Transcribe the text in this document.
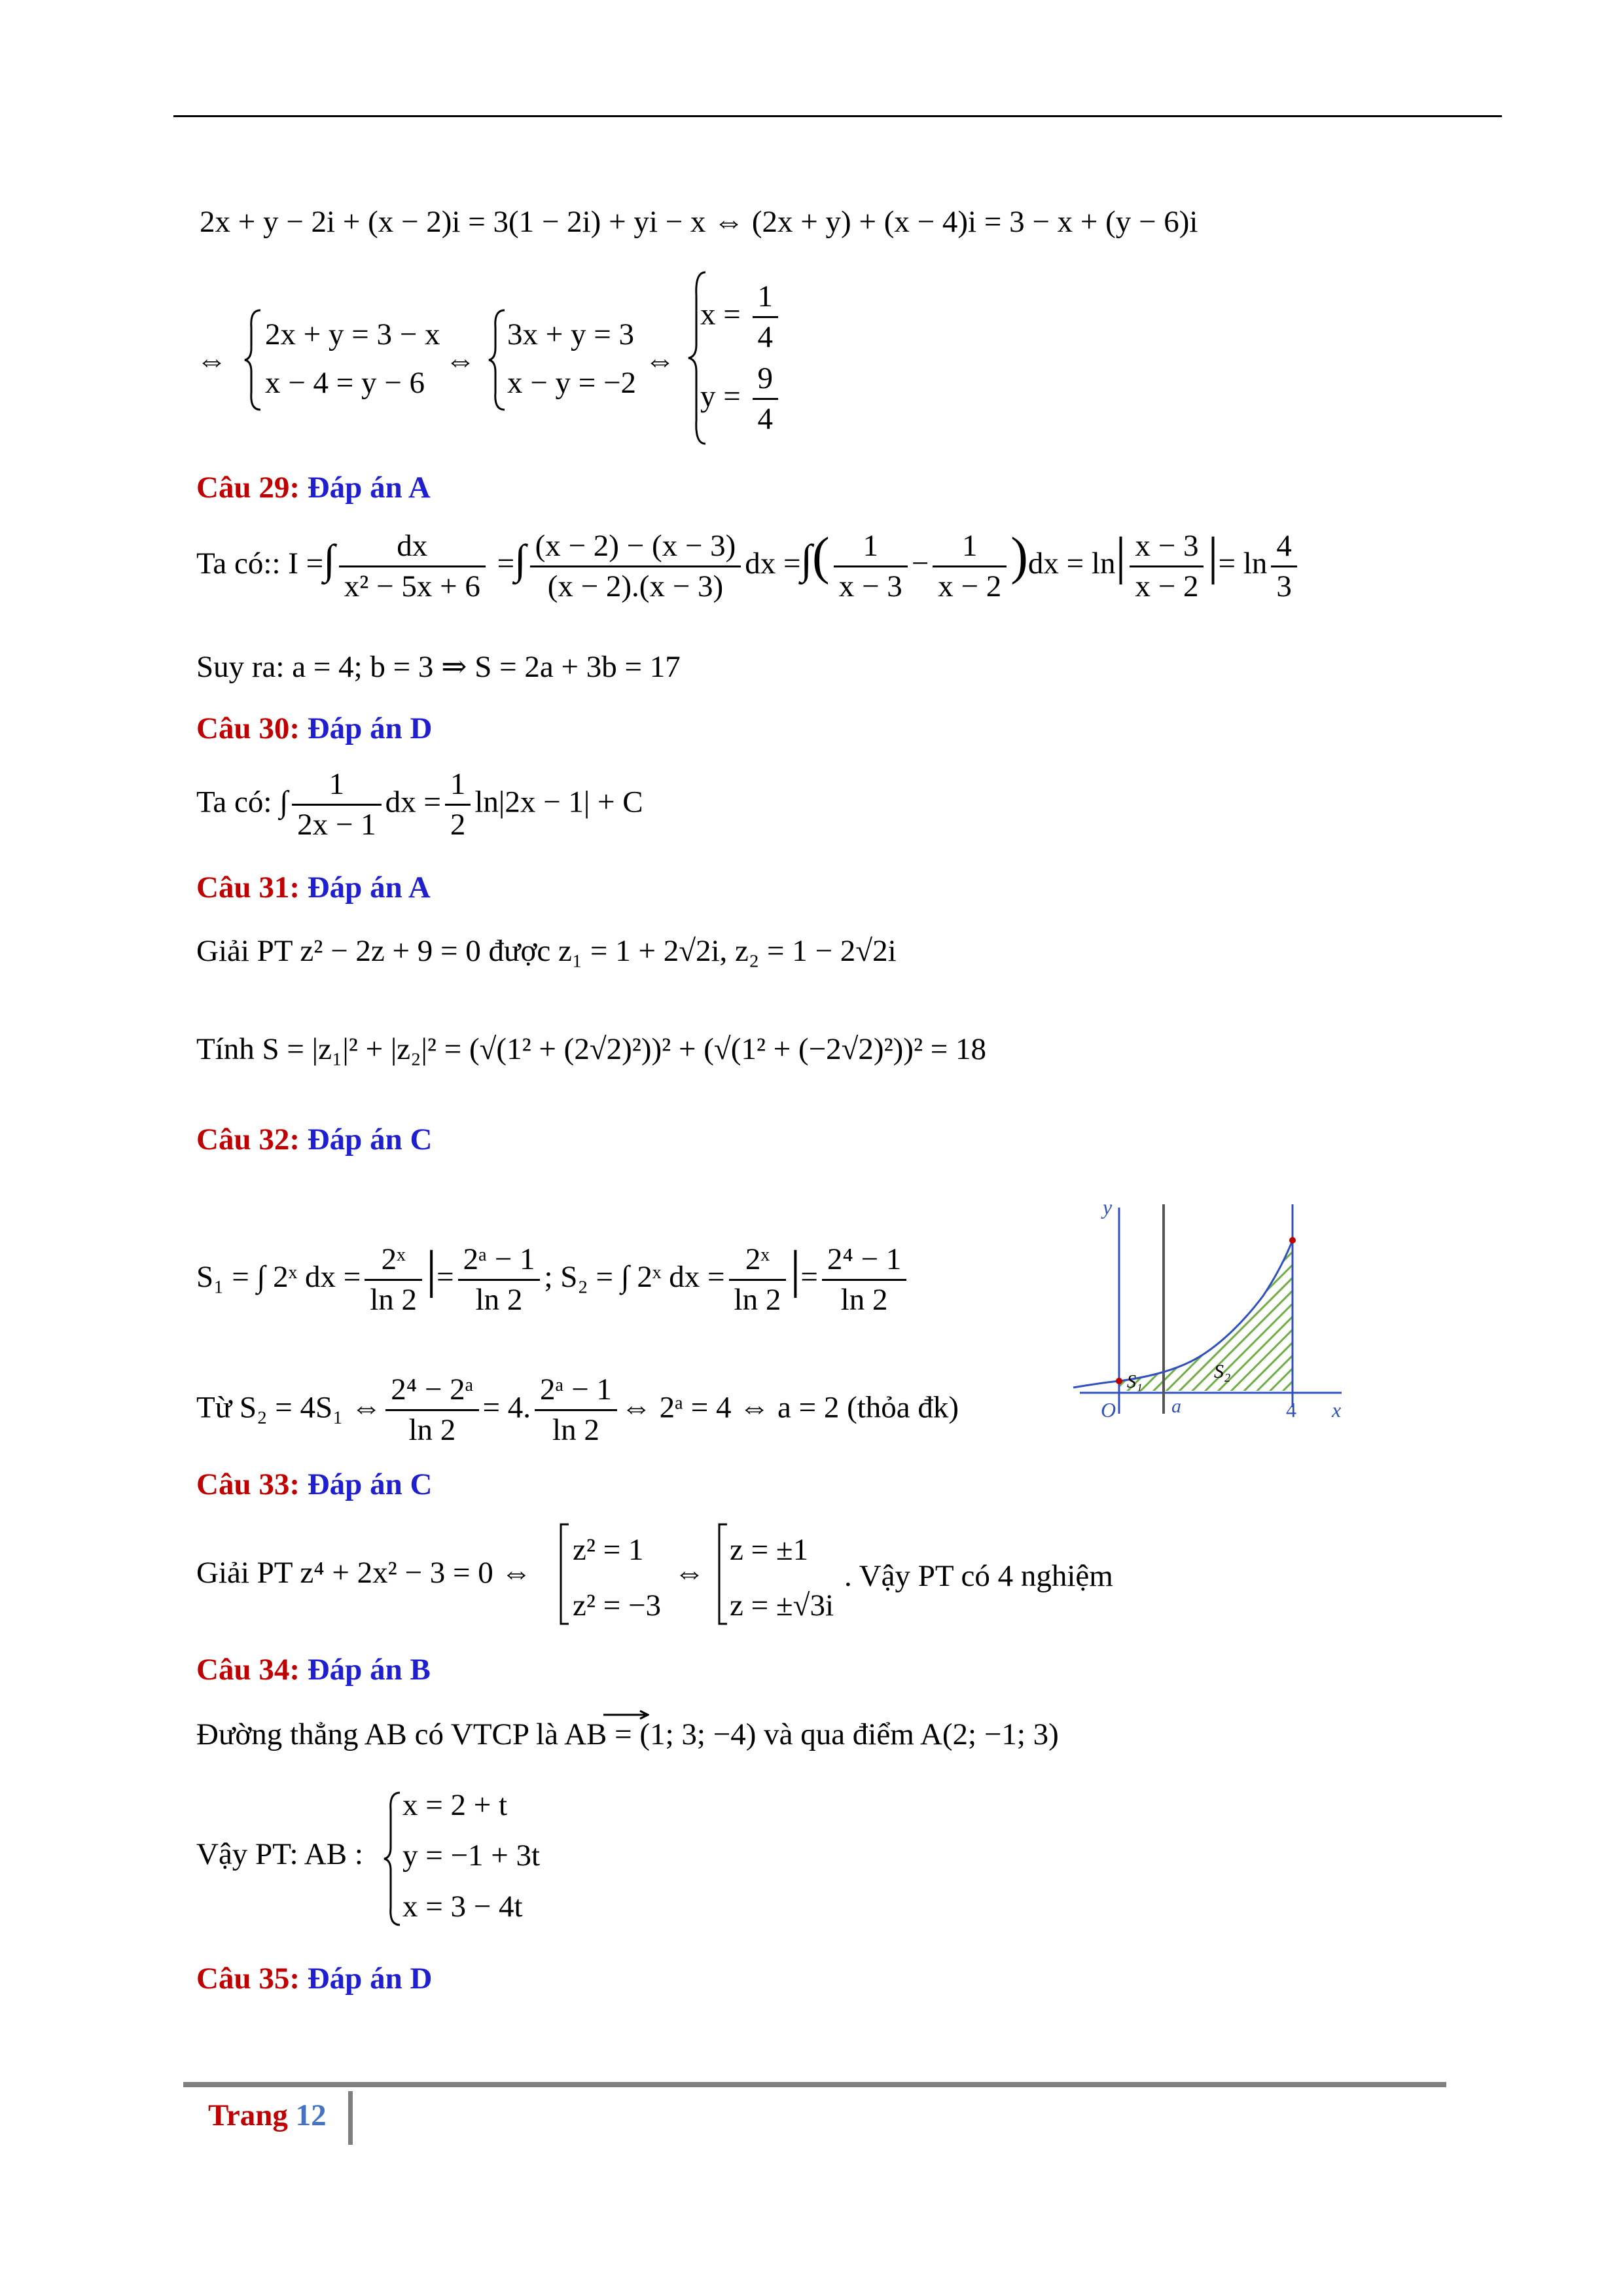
2x + y − 2i + (x − 2)i = 3(1 − 2i) + yi − x ⇔ (2x + y) + (x − 4)i = 3 − x + (y − 6)i
⇔
2x + y = 3 − x
x − 4 = y − 6
⇔
3x + y = 3
x − y = −2
⇔
$x = \frac{1}{4}$
$y = \frac{9}{4}$
Câu 29: Đáp án A
Ta có:: I =∫ $\frac{dx}{\text{x² − 5x + 6}}$ =∫ $\frac{(x - 2) - (x - 3)}{(x - 2).(x - 3)}$ dx =∫( $\frac{1}{x - 3} - \frac{1}{x - 2} )dx = \ln| \frac{x - 3}{x - 2}$ |= $\ln \frac{4}{3}$
Suy ra: a = 4; b = 3 ⇒ S = 2a + 3b = 17
Câu 30: Đáp án D
Ta có: ∫ $\frac{1}{2x - 1}$ dx = $\frac{1}{2} \ln|2x - 1| + C$
Câu 31: Đáp án A
Giải PT z² − 2z + 9 = 0 được z₁ = 1 + 2√2i, z₂ = 1 − 2√2i
Tính S = |z₁|² + |z₂|² = (√(1² + (2√2)²))² + (√(1² + (−2√2)²))² = 18
Câu 32: Đáp án C
S₁ = ∫ 2ˣ dx = $\frac{\text{2ˣ}}{\ln 2}$ |= $\frac{\text{2ᵃ − 1}}{\ln 2}$ ; S₂ = ∫ 2ˣ dx = $\frac{\text{2ˣ}}{\ln 2}$ |= $\frac{\text{2⁴ − 1}}{\ln 2}$
Từ S₂ = 4S₁ ⇔ $\frac{\text{2⁴ − 2ᵃ}}{\ln 2} = 4$. $\frac{\text{2ᵃ − 1}}{\ln 2}$ ⇔ 2ᵃ = 4 ⇔ a = 2 (thỏa đk)
y
x
O	a	4
S₁	S₂
Câu 33: Đáp án C
Giải PT z⁴ + 2x² − 3 = 0 ⇔
z² = 1
z² = −3
⇔
z = ±1
z = ±√3i
. Vậy PT có 4 nghiệm
Câu 34: Đáp án B
Đường thẳng AB có VTCP là AB = (1; 3; −4) và qua điểm A(2; −1; 3)
Vậy PT: AB :
x = 2 + t
y = −1 + 3t
x = 3 − 4t
Câu 35: Đáp án D
Trang 12
